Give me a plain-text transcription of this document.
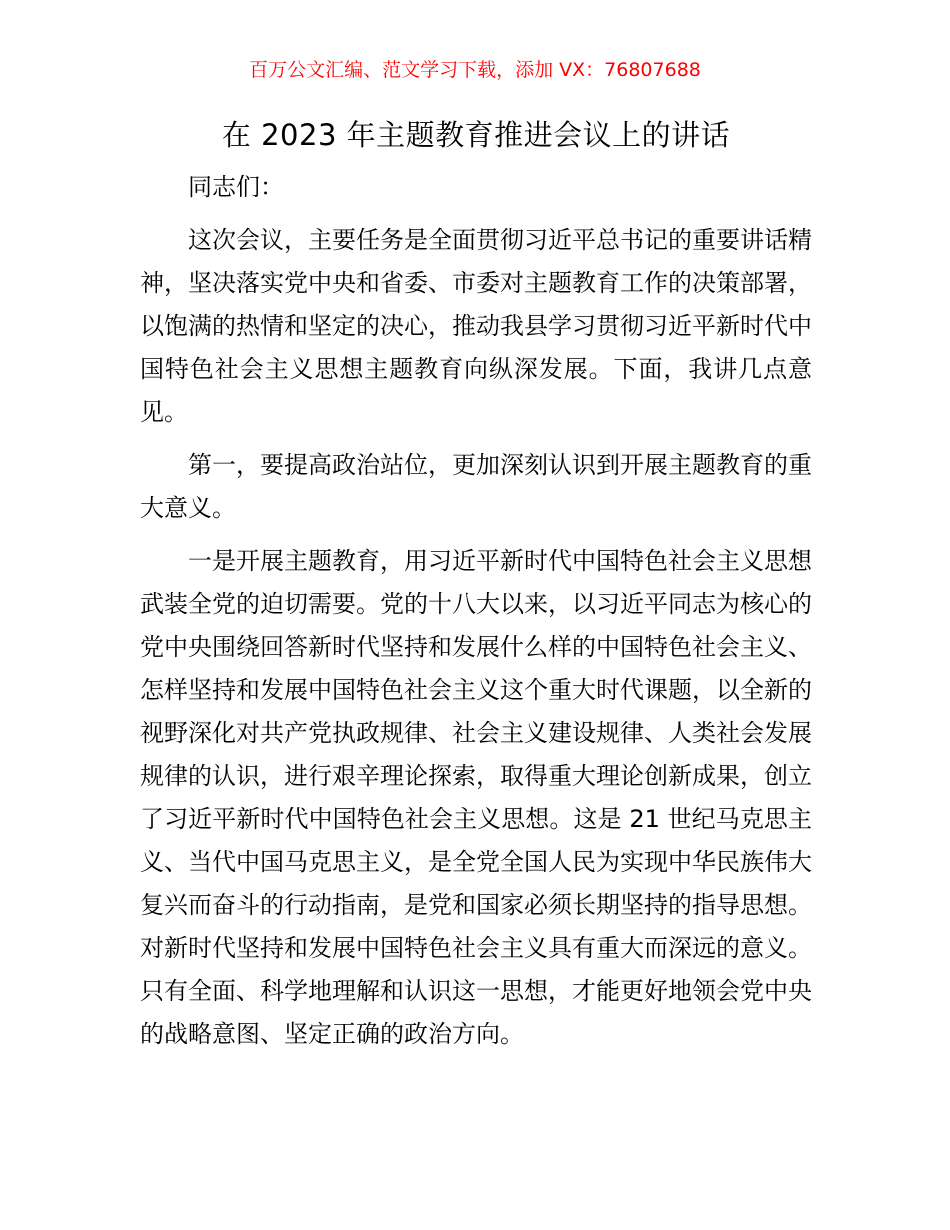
百万公文汇编、范文学习下载，添加 VX：76807688
在 2023 年主题教育推进会议上的讲话

同志们：

这次会议，主要任务是全面贯彻习近平总书记的重要讲话精神，坚决落实党中央和省委、市委对主题教育工作的决策部署，以饱满的热情和坚定的决心，推动我县学习贯彻习近平新时代中国特色社会主义思想主题教育向纵深发展。下面，我讲几点意见。

第一，要提高政治站位，更加深刻认识到开展主题教育的重大意义。

一是开展主题教育，用习近平新时代中国特色社会主义思想武装全党的迫切需要。党的十八大以来，以习近平同志为核心的党中央围绕回答新时代坚持和发展什么样的中国特色社会主义、怎样坚持和发展中国特色社会主义这个重大时代课题，以全新的视野深化对共产党执政规律、社会主义建设规律、人类社会发展规律的认识，进行艰辛理论探索，取得重大理论创新成果，创立了习近平新时代中国特色社会主义思想。这是 21 世纪马克思主义、当代中国马克思主义，是全党全国人民为实现中华民族伟大复兴而奋斗的行动指南，是党和国家必须长期坚持的指导思想。对新时代坚持和发展中国特色社会主义具有重大而深远的意义。只有全面、科学地理解和认识这一思想，才能更好地领会党中央的战略意图、坚定正确的政治方向。
